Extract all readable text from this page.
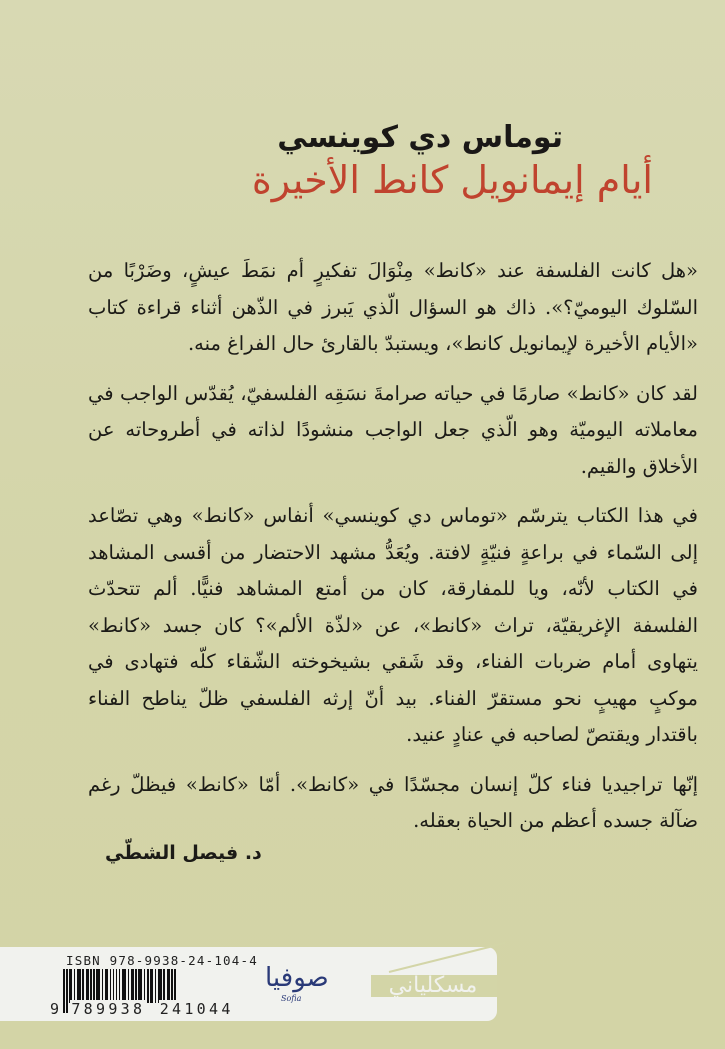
توماس دي كوينسي
أيام إيمانويل كانط الأخيرة

«هل كانت الفلسفة عند «كانط» مِنْوَالَ تفكيرٍ أم نمَطَ عيشٍ، وضَرْبًا من السّلوك اليوميّ؟». ذاك هو السؤال الّذي يَبرز في الذّهن أثناء قراءة كتاب «الأيام الأخيرة لإيمانويل كانط»، ويستبدّ بالقارئ حال الفراغ منه.

لقد كان «كانط» صارمًا في حياته صرامةَ نسَقِه الفلسفيّ، يُقدّس الواجب في معاملاته اليوميّة وهو الّذي جعل الواجب منشودًا لذاته في أطروحاته عن الأخلاق والقيم.

في هذا الكتاب يترسّم «توماس دي كوينسي» أنفاس «كانط» وهي تصّاعد إلى السّماء في براعةٍ فنيّةٍ لافتة. ويُعَدُّ مشهد الاحتضار من أقسى المشاهد في الكتاب لأنّه، ويا للمفارقة، كان من أمتع المشاهد فنيًّا. ألم تتحدّث الفلسفة الإغريقيّة، تراث «كانط»، عن «لذّة الألم»؟ كان جسد «كانط» يتهاوى أمام ضربات الفناء، وقد شَقي بشيخوخته الشّقاء كلّه فتهادى في موكبٍ مهيبٍ نحو مستقرّ الفناء. بيد أنّ إرثه الفلسفي ظلّ يناطح الفناء باقتدار ويقتصّ لصاحبه في عنادٍ عنيد.

إنّها تراجيديا فناء كلّ إنسان مجسّدًا في «كانط». أمّا «كانط» فيظلّ رغم ضآلة جسده أعظم من الحياة بعقله.

د. فيصل الشطّي
ISBN 978-9938-24-104-4
9 789938 241044
صوفيا
Sofia
مسكلياني
